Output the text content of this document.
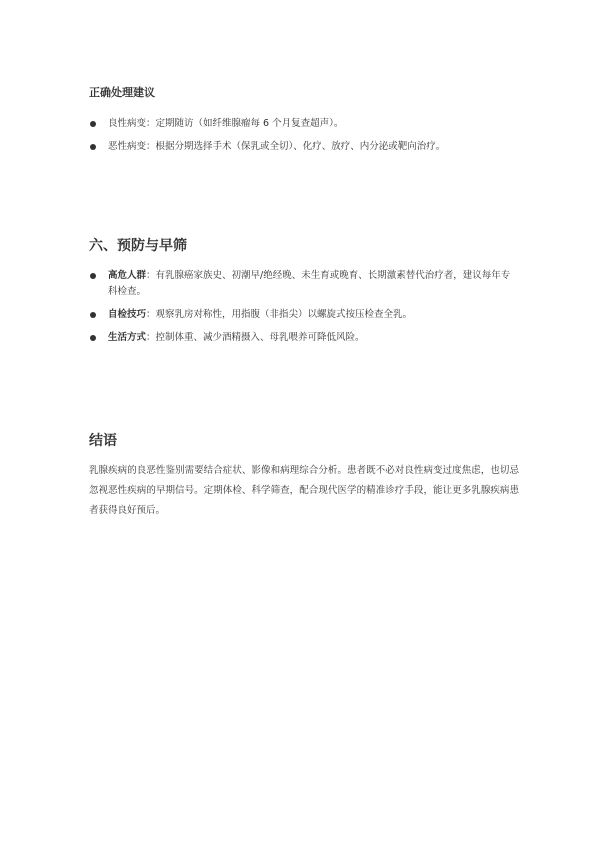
正确处理建议
良性病变：定期随访（如纤维腺瘤每 6 个月复查超声）。
恶性病变：根据分期选择手术（保乳或全切）、化疗、放疗、内分泌或靶向治疗。
六、预防与早筛
高危人群：有乳腺癌家族史、初潮早/绝经晚、未生育或晚育、长期激素替代治疗者，建议每年专科检查。
自检技巧：观察乳房对称性，用指腹（非指尖）以螺旋式按压检查全乳。
生活方式：控制体重、减少酒精摄入、母乳喂养可降低风险。
结语

乳腺疾病的良恶性鉴别需要结合症状、影像和病理综合分析。患者既不必对良性病变过度焦虑，也切忌忽视恶性疾病的早期信号。定期体检、科学筛查，配合现代医学的精准诊疗手段，能让更多乳腺疾病患者获得良好预后。
